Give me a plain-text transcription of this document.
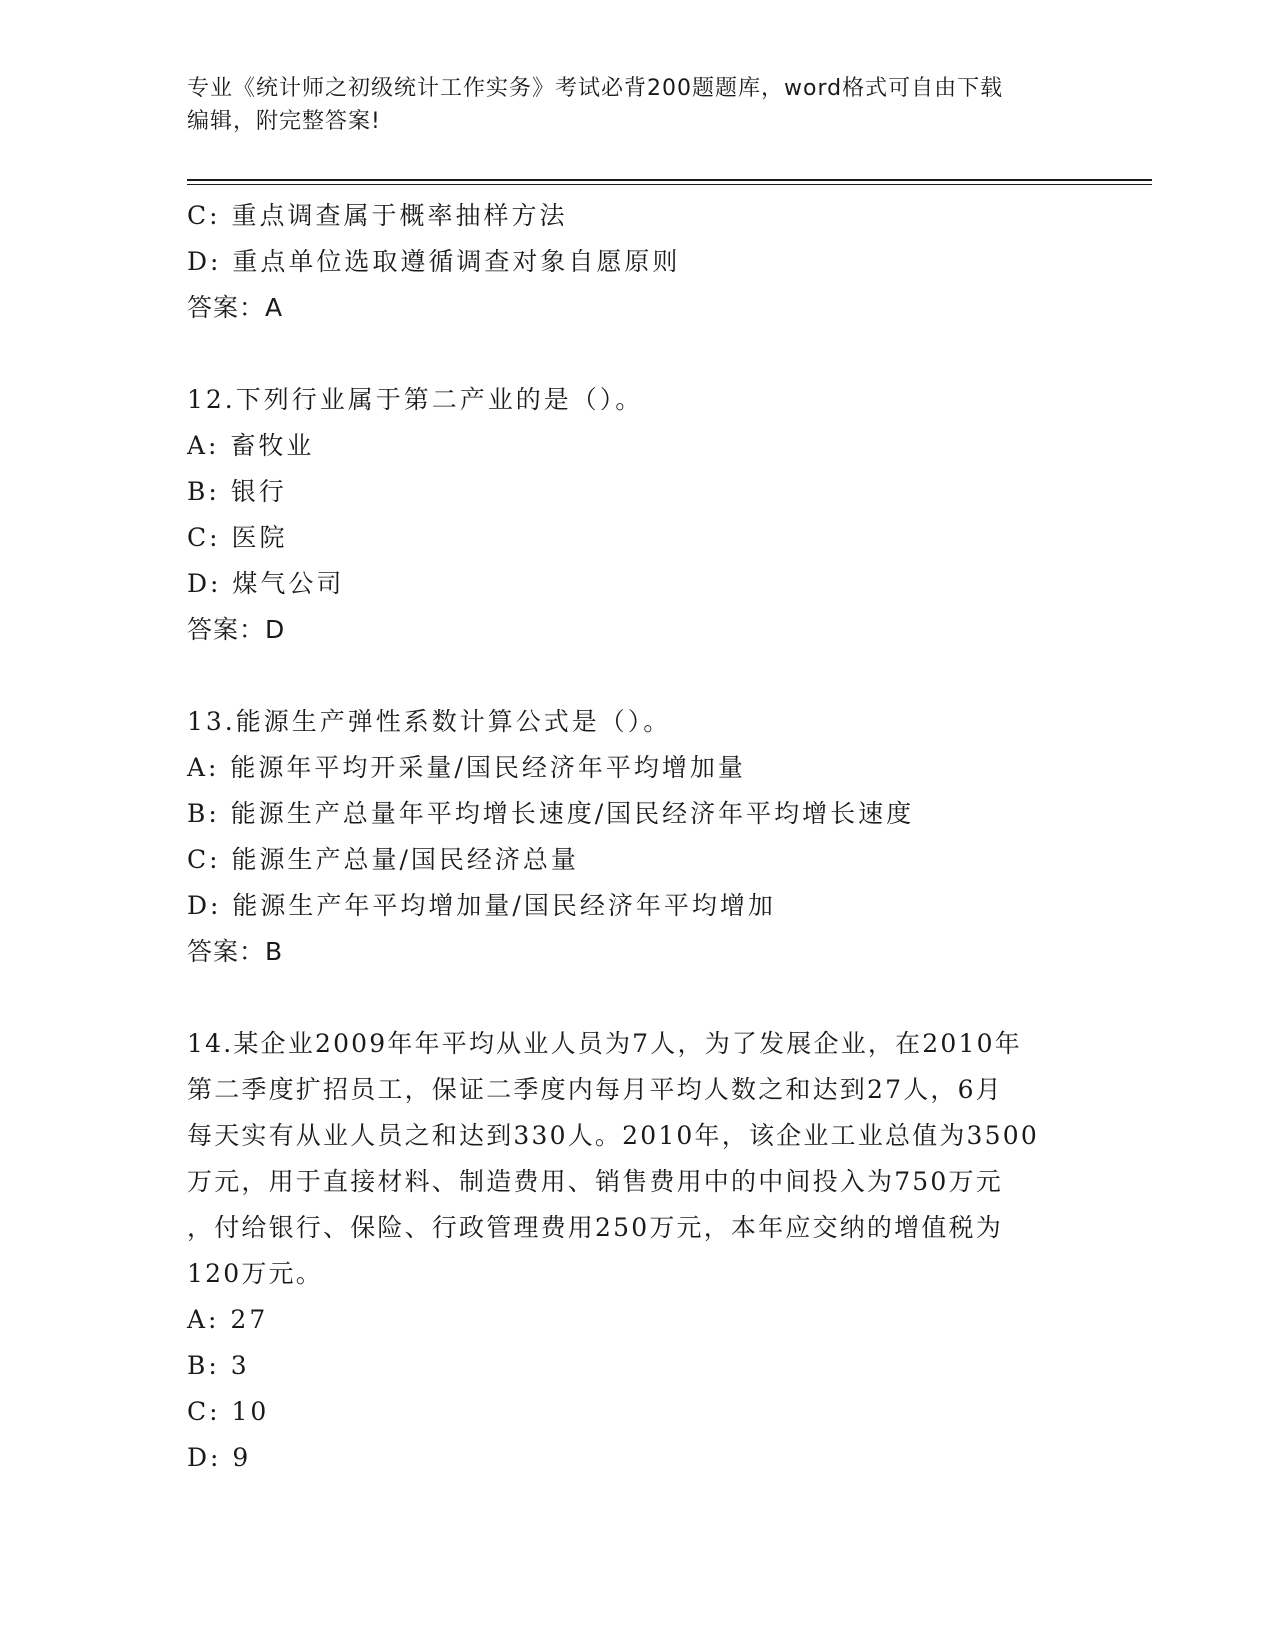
专业《统计师之初级统计工作实务》考试必背200题题库，word格式可自由下载
编辑，附完整答案!
C: 重点调查属于概率抽样方法
D: 重点单位选取遵循调查对象自愿原则
答案：A
12.下列行业属于第二产业的是（）。
A: 畜牧业
B: 银行
C: 医院
D: 煤气公司
答案：D
13.能源生产弹性系数计算公式是（）。
A: 能源年平均开采量/国民经济年平均增加量
B: 能源生产总量年平均增长速度/国民经济年平均增长速度
C: 能源生产总量/国民经济总量
D: 能源生产年平均增加量/国民经济年平均增加
答案：B
14.某企业2009年年平均从业人员为7人，为了发展企业，在2010年
第二季度扩招员工，保证二季度内每月平均人数之和达到27人，6月
每天实有从业人员之和达到330人。2010年，该企业工业总值为3500
万元，用于直接材料、制造费用、销售费用中的中间投入为750万元
，付给银行、保险、行政管理费用250万元，本年应交纳的增值税为
120万元。
A: 27
B: 3
C: 10
D: 9
